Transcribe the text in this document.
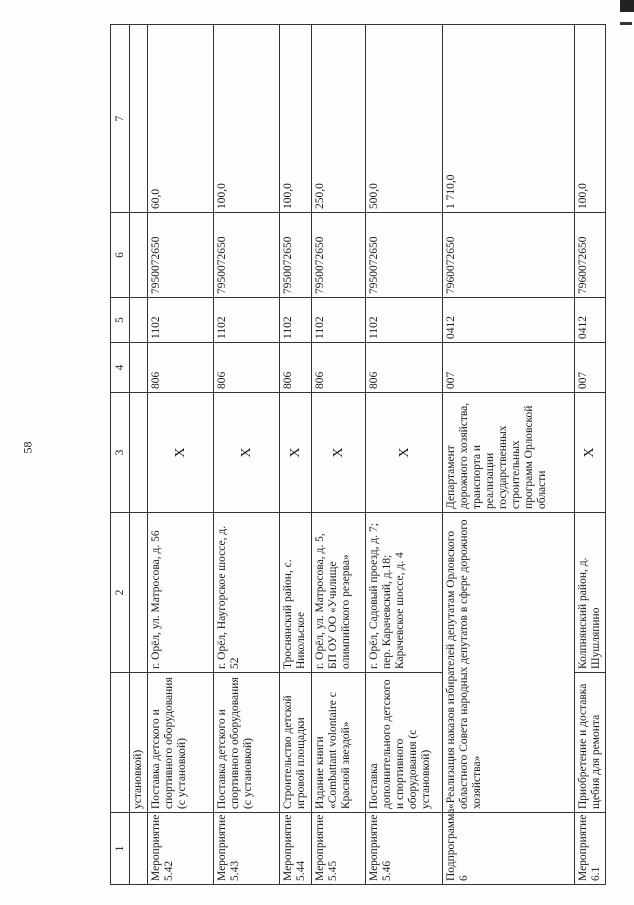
58
1		2	3	4	5	6	7
	установкой)						
Мероприятие 5.42	Поставка детского и спортивного оборудования (с установкой)	г. Орёл, ул. Матросова, д. 56	Х	806	1102	7950072650	60,0
Мероприятие 5.43	Поставка детского и спортивного оборудования (с установкой)	г. Орёл, Наугорское шоссе, д. 52	Х	806	1102	7950072650	100,0
Мероприятие 5.44	Строительство детской игровой площадки	Троснянский район, с. Никольское	Х	806	1102	7950072650	100,0
Мероприятие 5.45	Издание книги «Combattant volontaire с Красной звездой»	г. Орёл, ул. Матросова, д. 5, БП ОУ ОО «Училище олимпийского резерва»	Х	806	1102	7950072650	250,0
Мероприятие 5.46	Поставка дополнительного детского и спортивного оборудования (с установкой)	г. Орёл, Садовый проезд, д. 7; пер. Карачевский, д.18; Карачевское шоссе, д. 4	Х	806	1102	7950072650	500,0
Подпрограмма 6	«Реализация наказов избирателей депутатам Орловского областного Совета народных депутатов в сфере дорожного хозяйства»		Департамент дорожного хозяйства, транспорта и реализации государственных строительных программ Орловской области	007	0412	7960072650	1 710,0
Мероприятие 6.1	Приобретение и доставка щебня для ремонта	Колпнянский район, д. Шушляпино	Х	007	0412	7960072650	100,0
